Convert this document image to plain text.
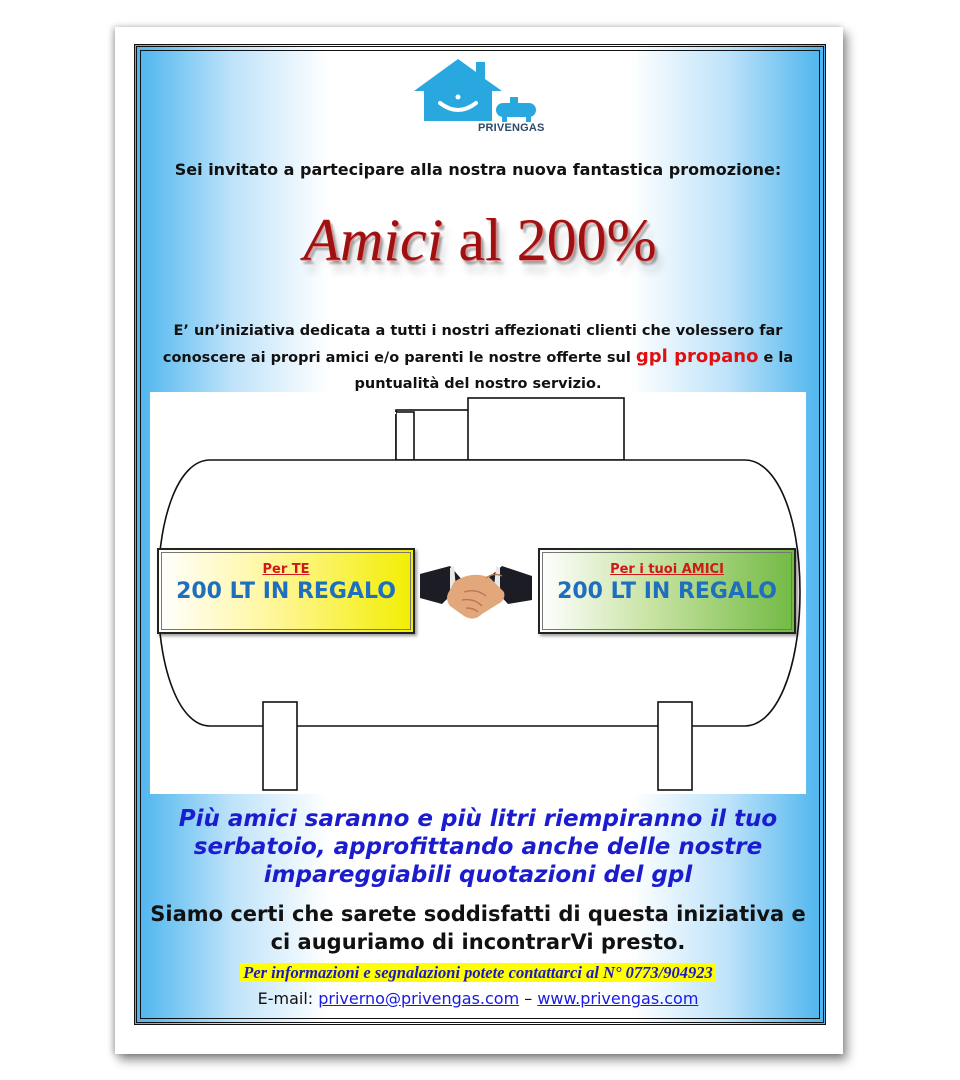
PRIVENGAS
Sei invitato a partecipare alla nostra nuova fantastica promozione:
Amici al 200%
E’ un’iniziativa dedicata a tutti i nostri affezionati clienti che volessero far conoscere ai propri amici e/o parenti le nostre offerte sul gpl propano e la puntualità del nostro servizio.
Per TE
200 LT IN REGALO
Per i tuoi AMICI
200 LT IN REGALO
Più amici saranno e più litri riempiranno il tuo serbatoio, approfittando anche delle nostre impareggiabili quotazioni del gpl
Siamo certi che sarete soddisfatti di questa iniziativa e ci auguriamo di incontrarVi presto.
Per informazioni e segnalazioni potete contattarci al N° 0773/904923
E-mail: priverno@privengas.com – www.privengas.com
